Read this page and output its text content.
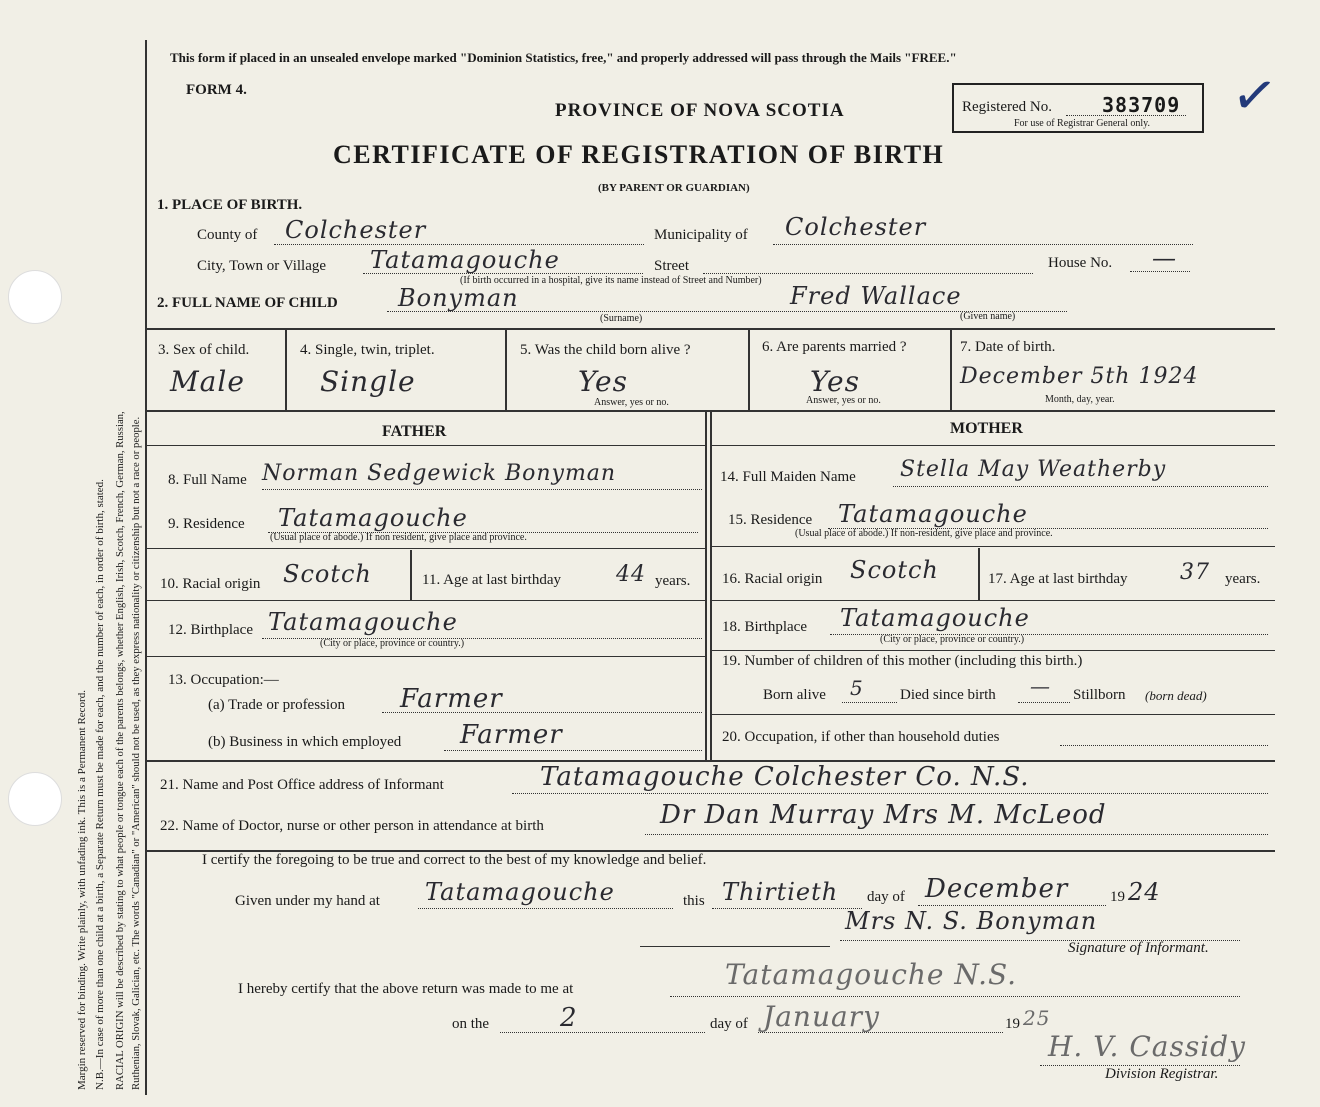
Margin reserved for binding. Write plainly, with unfading ink. This is a Permanent Record. N.B.—In case of more than one child at a birth, a Separate Return must be made for each, and the number of each, in order of birth, stated. RACIAL ORIGIN will be described by stating to what people or tongue each of the parents belongs, whether English, Irish, Scotch, French, German, Russian, Ruthenian, Slovak, Galician, etc. The words "Canadian" or "American" should not be used, as they express nationality or citizenship but not a race or people.
This form if placed in an unsealed envelope marked "Dominion Statistics, free," and properly addressed will pass through the Mails "FREE."
FORM 4.
PROVINCE OF NOVA SCOTIA	Registered No.	383709
For use of Registrar General only. ✓
CERTIFICATE OF REGISTRATION OF BIRTH
(BY PARENT OR GUARDIAN)
1. PLACE OF BIRTH.
County of Colchester	Municipality of Colchester
City, Town or Village Tatamagouche	Street	House No. —
(If birth occurred in a hospital, give its name instead of Street and Number)
2. FULL NAME OF CHILD	Bonyman	Fred Wallace
(Surname)	(Given name)
3. Sex of child.
Male
4. Single, twin, triplet.
Single
5. Was the child born alive ?
Yes
Answer, yes or no.
6. Are parents married ?
Yes
Answer, yes or no.
7. Date of birth.
December 5th 1924
Month, day, year.
FATHER	MOTHER
8. Full Name Norman Sedgewick Bonyman
9. Residence Tatamagouche
(Usual place of abode.) If non resident, give place and province.
10. Racial origin Scotch	11. Age at last birthday	44 years.
12. Birthplace Tatamagouche
(City or place, province or country.)
13. Occupation:—
(a) Trade or profession Farmer
(b) Business in which employed Farmer
14. Full Maiden Name Stella May Weatherby
15. Residence Tatamagouche
(Usual place of abode.) If non-resident, give place and province.
16. Racial origin Scotch	17. Age at last birthday 37 years.
18. Birthplace Tatamagouche
(City or place, province or country.)
19. Number of children of this mother (including this birth.)
Born alive 5 Died since birth — Stillborn (born dead)
20. Occupation, if other than household duties
21. Name and Post Office address of Informant	Tatamagouche Colchester Co. N.S.
22. Name of Doctor, nurse or other person in attendance at birth	Dr Dan Murray Mrs M. McLeod
I certify the foregoing to be true and correct to the best of my knowledge and belief.
Given under my hand at Tatamagouche	this Thirtieth day of December	19 24
Mrs N. S. Bonyman
Signature of Informant.
I hereby certify that the above return was made to me at	Tatamagouche N.S.
on the	2	day of January	19 25
H. V. Cassidy
Division Registrar.
